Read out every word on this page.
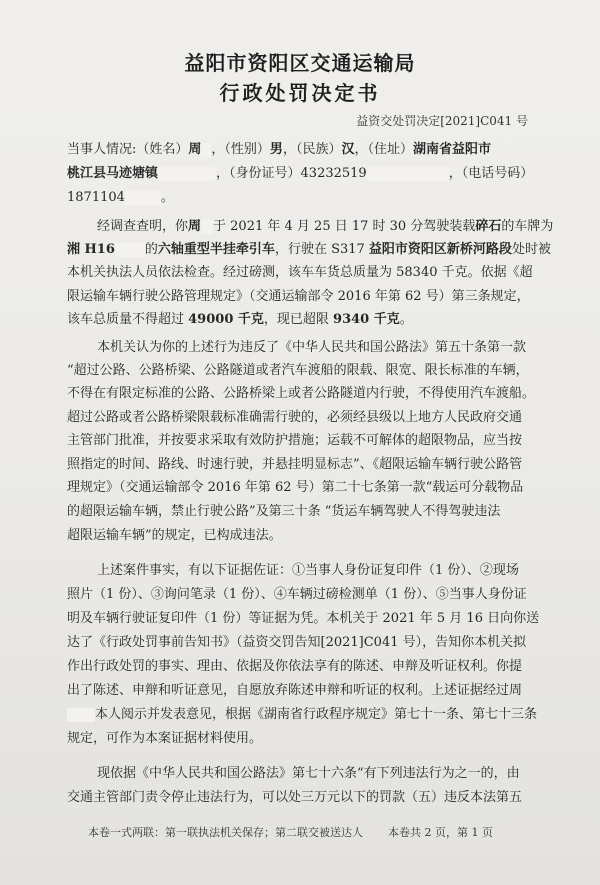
益阳市资阳区交通运输局
行政处罚决定书
益资交处罚决定[2021]C041 号
当事人情况:（姓名）周 ，（性别）男，（民族）汉，（住址）湖南省益阳市
桃江县马迹塘镇	，（身份证号）43232519	，（电话号码）
1871104	。
经调查查明，你周 于 2021 年 4 月 25 日 17 时 30 分驾驶装载碎石的车牌为
湘 H16 的六轴重型半挂牵引车，行驶在 S317 益阳市资阳区新桥河路段处时被
本机关执法人员依法检查。经过磅测，该车车货总质量为 58340 千克。依据《超
限运输车辆行驶公路管理规定》（交通运输部令 2016 年第 62 号）第三条规定，
该车总质量不得超过 49000 千克，现已超限 9340 千克。
本机关认为你的上述行为违反了《中华人民共和国公路法》第五十条第一款
“超过公路、公路桥梁、公路隧道或者汽车渡船的限载、限宽、限长标准的车辆，
不得在有限定标准的公路、公路桥梁上或者公路隧道内行驶，不得使用汽车渡船。
超过公路或者公路桥梁限载标准确需行驶的，必须经县级以上地方人民政府交通
主管部门批准，并按要求采取有效防护措施；运载不可解体的超限物品，应当按
照指定的时间、路线、时速行驶，并悬挂明显标志”、《超限运输车辆行驶公路管
理规定》（交通运输部令 2016 年第 62 号）第二十七条第一款“载运可分载物品
的超限运输车辆，禁止行驶公路”及第三十条 “货运车辆驾驶人不得驾驶违法
超限运输车辆”的规定，已构成违法。
上述案件事实，有以下证据佐证：①当事人身份证复印件（1 份）、②现场
照片（1 份）、③询问笔录（1 份）、④车辆过磅检测单（1 份）、⑤当事人身份证
明及车辆行驶证复印件（1 份）等证据为凭。本机关于 2021 年 5 月 16 日向你送
达了《行政处罚事前告知书》（益资交罚告知[2021]C041 号），告知你本机关拟
作出行政处罚的事实、理由、依据及你依法享有的陈述、申辩及听证权利。你提
出了陈述、申辩和听证意见，自愿放弃陈述申辩和听证的权利。上述证据经过周
本人阅示并发表意见，根据《湖南省行政程序规定》第七十一条、第七十三条
规定，可作为本案证据材料使用。
现依据《中华人民共和国公路法》第七十六条“有下列违法行为之一的，由
交通主管部门责令停止违法行为，可以处三万元以下的罚款（五）违反本法第五
本卷一式两联：第一联执法机关保存；第二联交被送达人 本卷共 2 页，第 1 页
